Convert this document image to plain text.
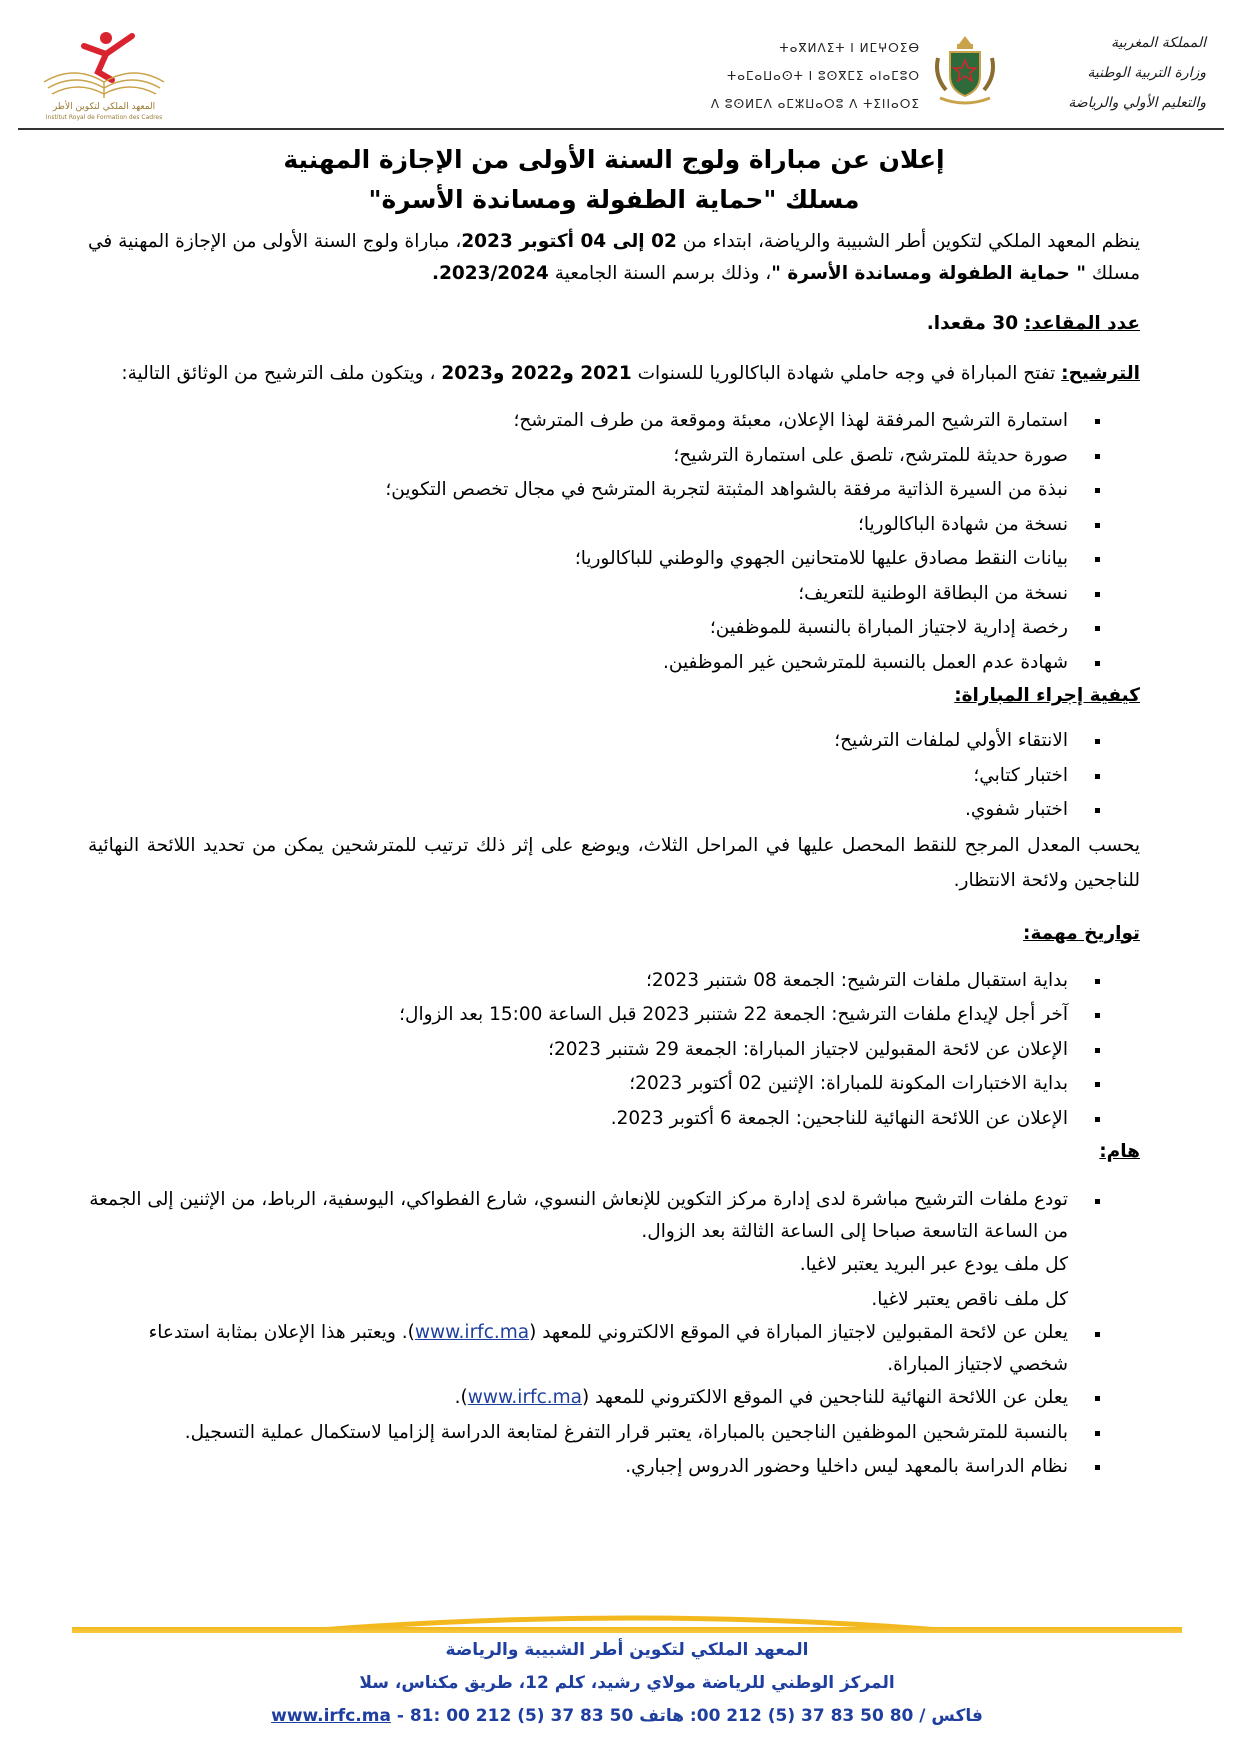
المعهد الملكي لتكوين الأطر
Institut Royal de Formation des Cadres
المملكة المغربية
وزارة التربية الوطنية
والتعليم الأولي والرياضة
ⵜⴰⴳⵍⴷⵉⵜ ⵏ ⵍⵎⵖⵔⵉⴱ
ⵜⴰⵎⴰⵡⴰⵙⵜ ⵏ ⵓⵙⴳⵎⵉ ⴰⵏⴰⵎⵓⵔ
ⴷ ⵓⵙⵍⵎⴷ ⴰⵎⵣⵡⴰⵔⵓ ⴷ ⵜⵉⵏⵏⴰⵔⵉ
إعلان عن مباراة ولوج السنة الأولى من الإجازة المهنية
مسلك "حماية الطفولة ومساندة الأسرة"

ينظم المعهد الملكي لتكوين أطر الشبيبة والرياضة، ابتداء من 02 إلى 04 أكتوبر 2023، مباراة ولوج السنة الأولى من الإجازة المهنية في مسلك " حماية الطفولة ومساندة الأسرة "، وذلك برسم السنة الجامعية 2023/2024.

عدد المقاعد: 30 مقعدا.

الترشيح: تفتح المباراة في وجه حاملي شهادة الباكالوريا للسنوات 2021 و2022 و2023 ، ويتكون ملف الترشيح من الوثائق التالية:

استمارة الترشيح المرفقة لهذا الإعلان، معبئة وموقعة من طرف المترشح؛
صورة حديثة للمترشح، تلصق على استمارة الترشيح؛
نبذة من السيرة الذاتية مرفقة بالشواهد المثبتة لتجربة المترشح في مجال تخصص التكوين؛
نسخة من شهادة الباكالوريا؛
بيانات النقط مصادق عليها للامتحانين الجهوي والوطني للباكالوريا؛
نسخة من البطاقة الوطنية للتعريف؛
رخصة إدارية لاجتياز المباراة بالنسبة للموظفين؛
شهادة عدم العمل بالنسبة للمترشحين غير الموظفين.

كيفية إجراء المباراة:

الانتقاء الأولي لملفات الترشيح؛
اختبار كتابي؛
اختبار شفوي.

يحسب المعدل المرجح للنقط المحصل عليها في المراحل الثلاث، ويوضع على إثر ذلك ترتيب للمترشحين يمكن من تحديد اللائحة النهائية للناجحين ولائحة الانتظار.

تواريخ مهمة:

بداية استقبال ملفات الترشيح: الجمعة 08 شتنبر 2023؛
آخر أجل لإيداع ملفات الترشيح: الجمعة 22 شتنبر 2023 قبل الساعة 15:00 بعد الزوال؛
الإعلان عن لائحة المقبولين لاجتياز المباراة: الجمعة 29 شتنبر 2023؛
بداية الاختبارات المكونة للمباراة: الإثنين 02 أكتوبر 2023؛
الإعلان عن اللائحة النهائية للناجحين: الجمعة 6 أكتوبر 2023.

هام:

تودع ملفات الترشيح مباشرة لدى إدارة مركز التكوين للإنعاش النسوي، شارع الفطواكي، اليوسفية، الرباط، من الإثنين إلى الجمعة من الساعة التاسعة صباحا إلى الساعة الثالثة بعد الزوال.
كل ملف يودع عبر البريد يعتبر لاغيا.
كل ملف ناقص يعتبر لاغيا.
يعلن عن لائحة المقبولين لاجتياز المباراة في الموقع الالكتروني للمعهد (www.irfc.ma). ويعتبر هذا الإعلان بمثابة استدعاء شخصي لاجتياز المباراة.
يعلن عن اللائحة النهائية للناجحين في الموقع الالكتروني للمعهد (www.irfc.ma).
بالنسبة للمترشحين الموظفين الناجحين بالمباراة، يعتبر قرار التفرغ لمتابعة الدراسة إلزاميا لاستكمال عملية التسجيل.
نظام الدراسة بالمعهد ليس داخليا وحضور الدروس إجباري.
المعهد الملكي لتكوين أطر الشبيبة والرياضة
المركز الوطني للرياضة مولاي رشيد، كلم 12، طريق مكناس، سلا
فاكس / 00 212 (5) 37 83 50 80: هاتف 81: 00 212 (5) 37 83 50 - www.irfc.ma
